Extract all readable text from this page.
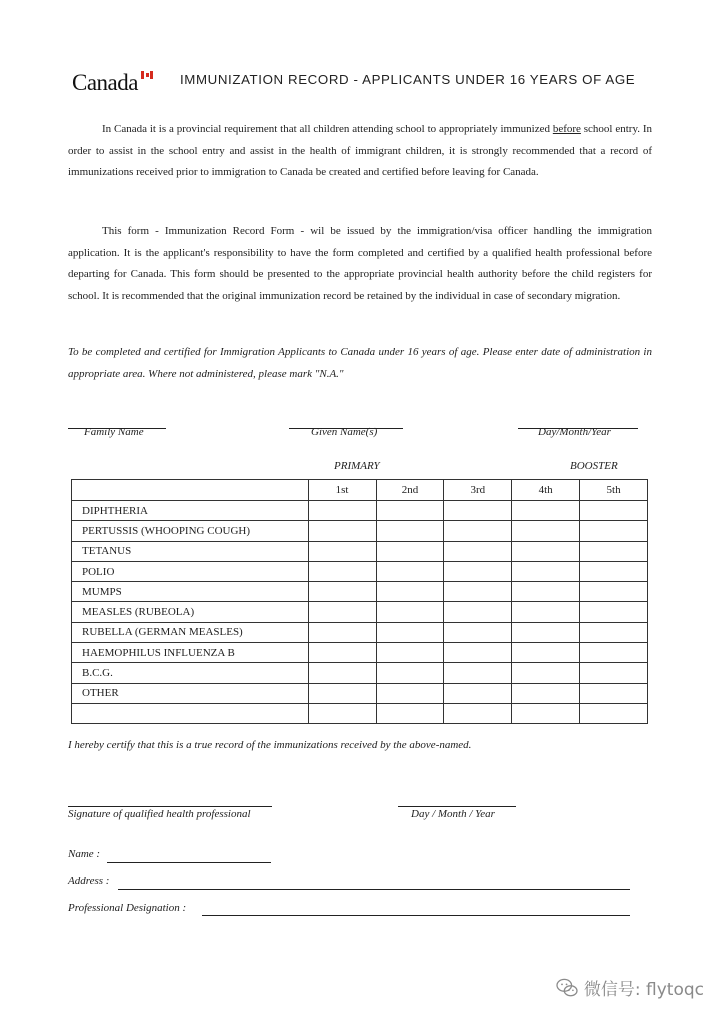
Canada	IMMUNIZATION RECORD - APPLICANTS UNDER 16 YEARS OF AGE
In Canada it is a provincial requirement that all children attending school to appropriately immunized before school entry. In order to assist in the school entry and assist in the health of immigrant children, it is strongly recommended that a record of immunizations received prior to immigration to Canada be created and certified before leaving for Canada.
This form - Immunization Record Form - wil be issued by the immigration/visa officer handling the immigration application. It is the applicant's responsibility to have the form completed and certified by a qualified health professional before departing for Canada. This form should be presented to the appropriate provincial health authority before the child registers for school. It is recommended that the original immunization record be retained by the individual in case of secondary migration.
To be completed and certified for Immigration Applicants to Canada under 16 years of age. Please enter date of administration in appropriate area. Where not administered, please mark "N.A."
Family Name	Given Name(s)	Day/Month/Year
PRIMARY	BOOSTER
	1st	2nd	3rd	4th	5th
DIPHTHERIA					
PERTUSSIS (WHOOPING COUGH)					
TETANUS					
POLIO					
MUMPS					
MEASLES (RUBEOLA)					
RUBELLA (GERMAN MEASLES)					
HAEMOPHILUS INFLUENZA B					
B.C.G.					
OTHER					

I hereby certify that this is a true record of the immunizations received by the above-named.
Signature of qualified health professional	Day / Month / Year
Name :
Address :
Professional Designation :
微信号: flytoqc
